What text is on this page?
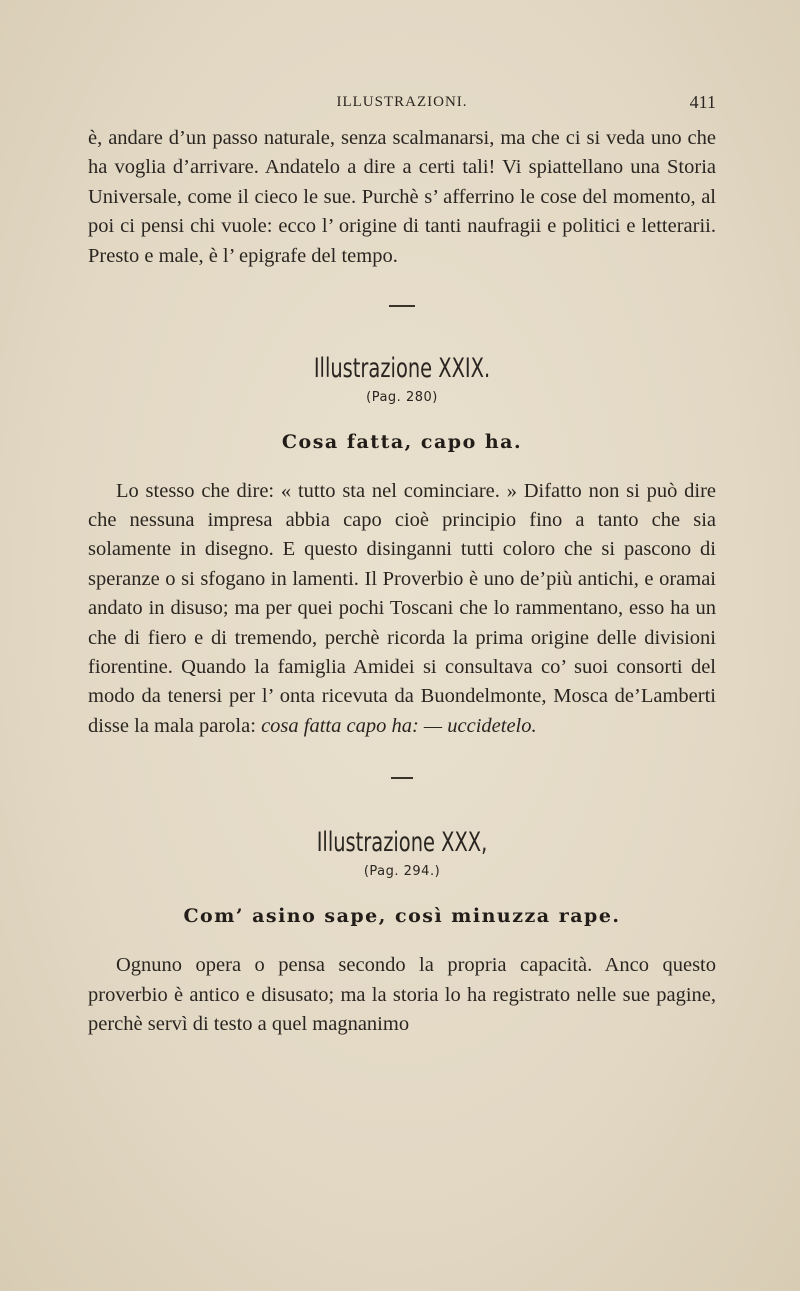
ILLUSTRAZIONI.	411

è, andare d’un passo naturale, senza scalmanarsi, ma che ci si veda uno che ha voglia d’arrivare. Andatelo a dire a certi tali! Vi spiattellano una Storia Universale, come il cieco le sue. Purchè s’ afferrino le cose del momento, al poi ci pensi chi vuole: ecco l’ origine di tanti naufragii e politici e letterarii. Presto e male, è l’ epigrafe del tempo.

Illustrazione XXIX.
(Pag. 280)
Cosa fatta, capo ha.

Lo stesso che dire: « tutto sta nel cominciare. » Difatto non si può dire che nessuna impresa abbia capo cioè principio fino a tanto che sia solamente in disegno. E questo disinganni tutti coloro che si pascono di speranze o si sfogano in lamenti. Il Proverbio è uno de’più antichi, e oramai andato in disuso; ma per quei pochi Toscani che lo rammentano, esso ha un che di fiero e di tremendo, perchè ricorda la prima origine delle divisioni fiorentine. Quando la famiglia Amidei si consultava co’ suoi consorti del modo da tenersi per l’ onta ricevuta da Buondelmonte, Mosca de’Lamberti disse la mala parola: cosa fatta capo ha: — uccidetelo.

Illustrazione XXX,
(Pag. 294.)
Com’ asino sape, così minuzza rape.

Ognuno opera o pensa secondo la propria capacità. Anco questo proverbio è antico e disusato; ma la storia lo ha registrato nelle sue pagine, perchè servì di testo a quel magnanimo
